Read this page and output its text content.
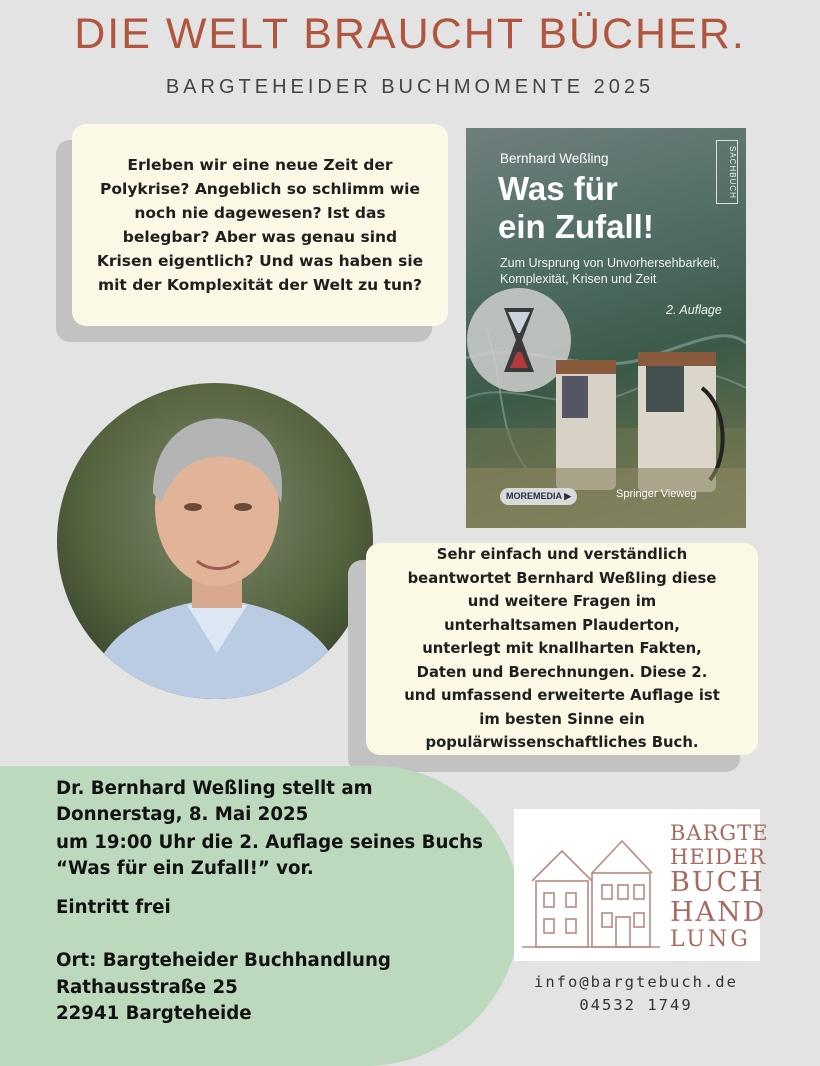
DIE WELT BRAUCHT BÜCHER.
BARGTEHEIDER BUCHMOMENTE 2025
Erleben wir eine neue Zeit der
Polykrise? Angeblich so schlimm wie
noch nie dagewesen? Ist das
belegbar? Aber was genau sind
Krisen eigentlich? Und was haben sie
mit der Komplexität der Welt zu tun?
Bernhard Weßling
Was für
ein Zufall!
Zum Ursprung von Unvorhersehbarkeit,
Komplexität, Krisen und Zeit
2. Auflage
SACHBUCH
MOREMEDIA ▶	Springer Vieweg
Sehr einfach und verständlich
beantwortet Bernhard Weßling diese
und weitere Fragen im
unterhaltsamen Plauderton,
unterlegt mit knallharten Fakten,
Daten und Berechnungen. Diese 2.
und umfassend erweiterte Auflage ist
im besten Sinne ein
populärwissenschaftliches Buch.
Dr. Bernhard Weßling stellt am
Donnerstag, 8. Mai 2025
um 19:00 Uhr die 2. Auflage seines Buchs
“Was für ein Zufall!” vor.
Eintritt frei
Ort: Bargteheider Buchhandlung
Rathausstraße 25
22941 Bargteheide
BARGTE
HEIDER
BUCH
HAND
LUNG
info@bargtebuch.de
04532 1749
